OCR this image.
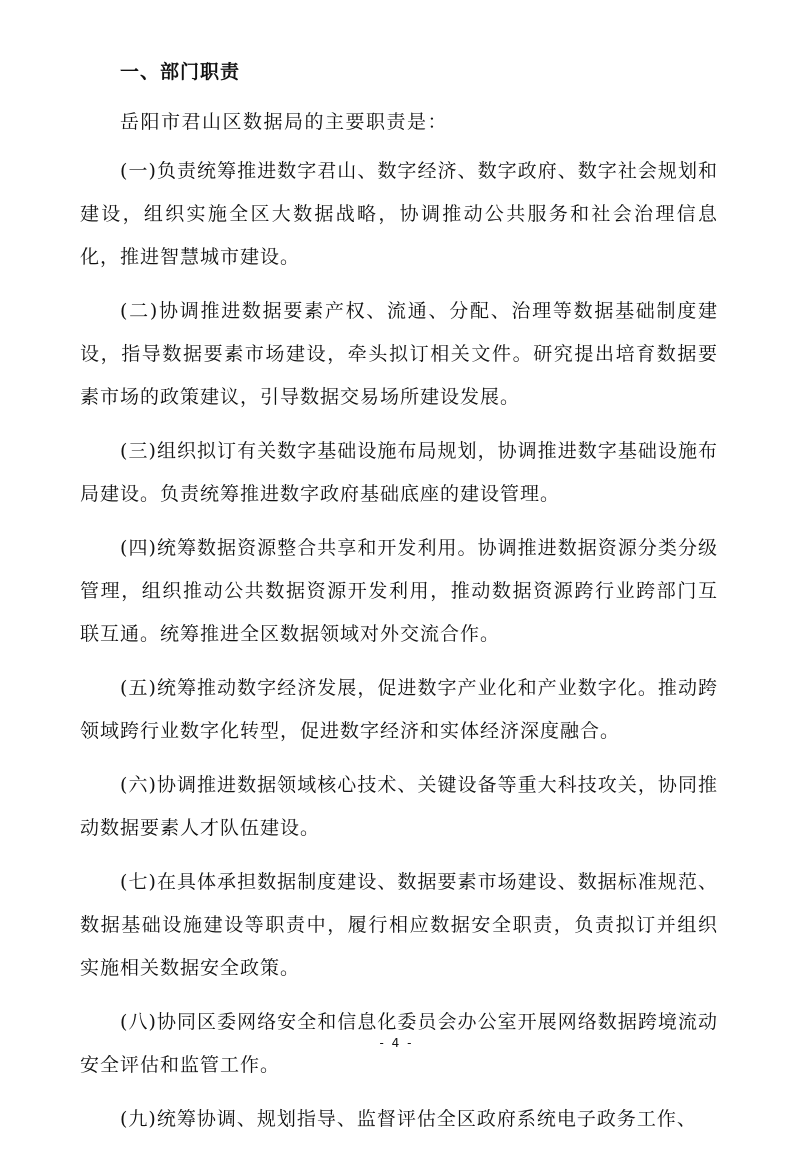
一、部门职责
岳阳市君山区数据局的主要职责是：

(一)负责统筹推进数字君山、数字经济、数字政府、数字社会规划和建设，组织实施全区大数据战略，协调推动公共服务和社会治理信息化，推进智慧城市建设。

(二)协调推进数据要素产权、流通、分配、治理等数据基础制度建设，指导数据要素市场建设，牵头拟订相关文件。研究提出培育数据要素市场的政策建议，引导数据交易场所建设发展。

(三)组织拟订有关数字基础设施布局规划，协调推进数字基础设施布局建设。负责统筹推进数字政府基础底座的建设管理。

(四)统筹数据资源整合共享和开发利用。协调推进数据资源分类分级管理，组织推动公共数据资源开发利用，推动数据资源跨行业跨部门互联互通。统筹推进全区数据领域对外交流合作。

(五)统筹推动数字经济发展，促进数字产业化和产业数字化。推动跨领域跨行业数字化转型，促进数字经济和实体经济深度融合。

(六)协调推进数据领域核心技术、关键设备等重大科技攻关，协同推动数据要素人才队伍建设。

(七)在具体承担数据制度建设、数据要素市场建设、数据标准规范、数据基础设施建设等职责中，履行相应数据安全职责，负责拟订并组织实施相关数据安全政策。

(八)协同区委网络安全和信息化委员会办公室开展网络数据跨境流动安全评估和监管工作。

(九)统筹协调、规划指导、监督评估全区政府系统电子政务工作、

- 4 -
